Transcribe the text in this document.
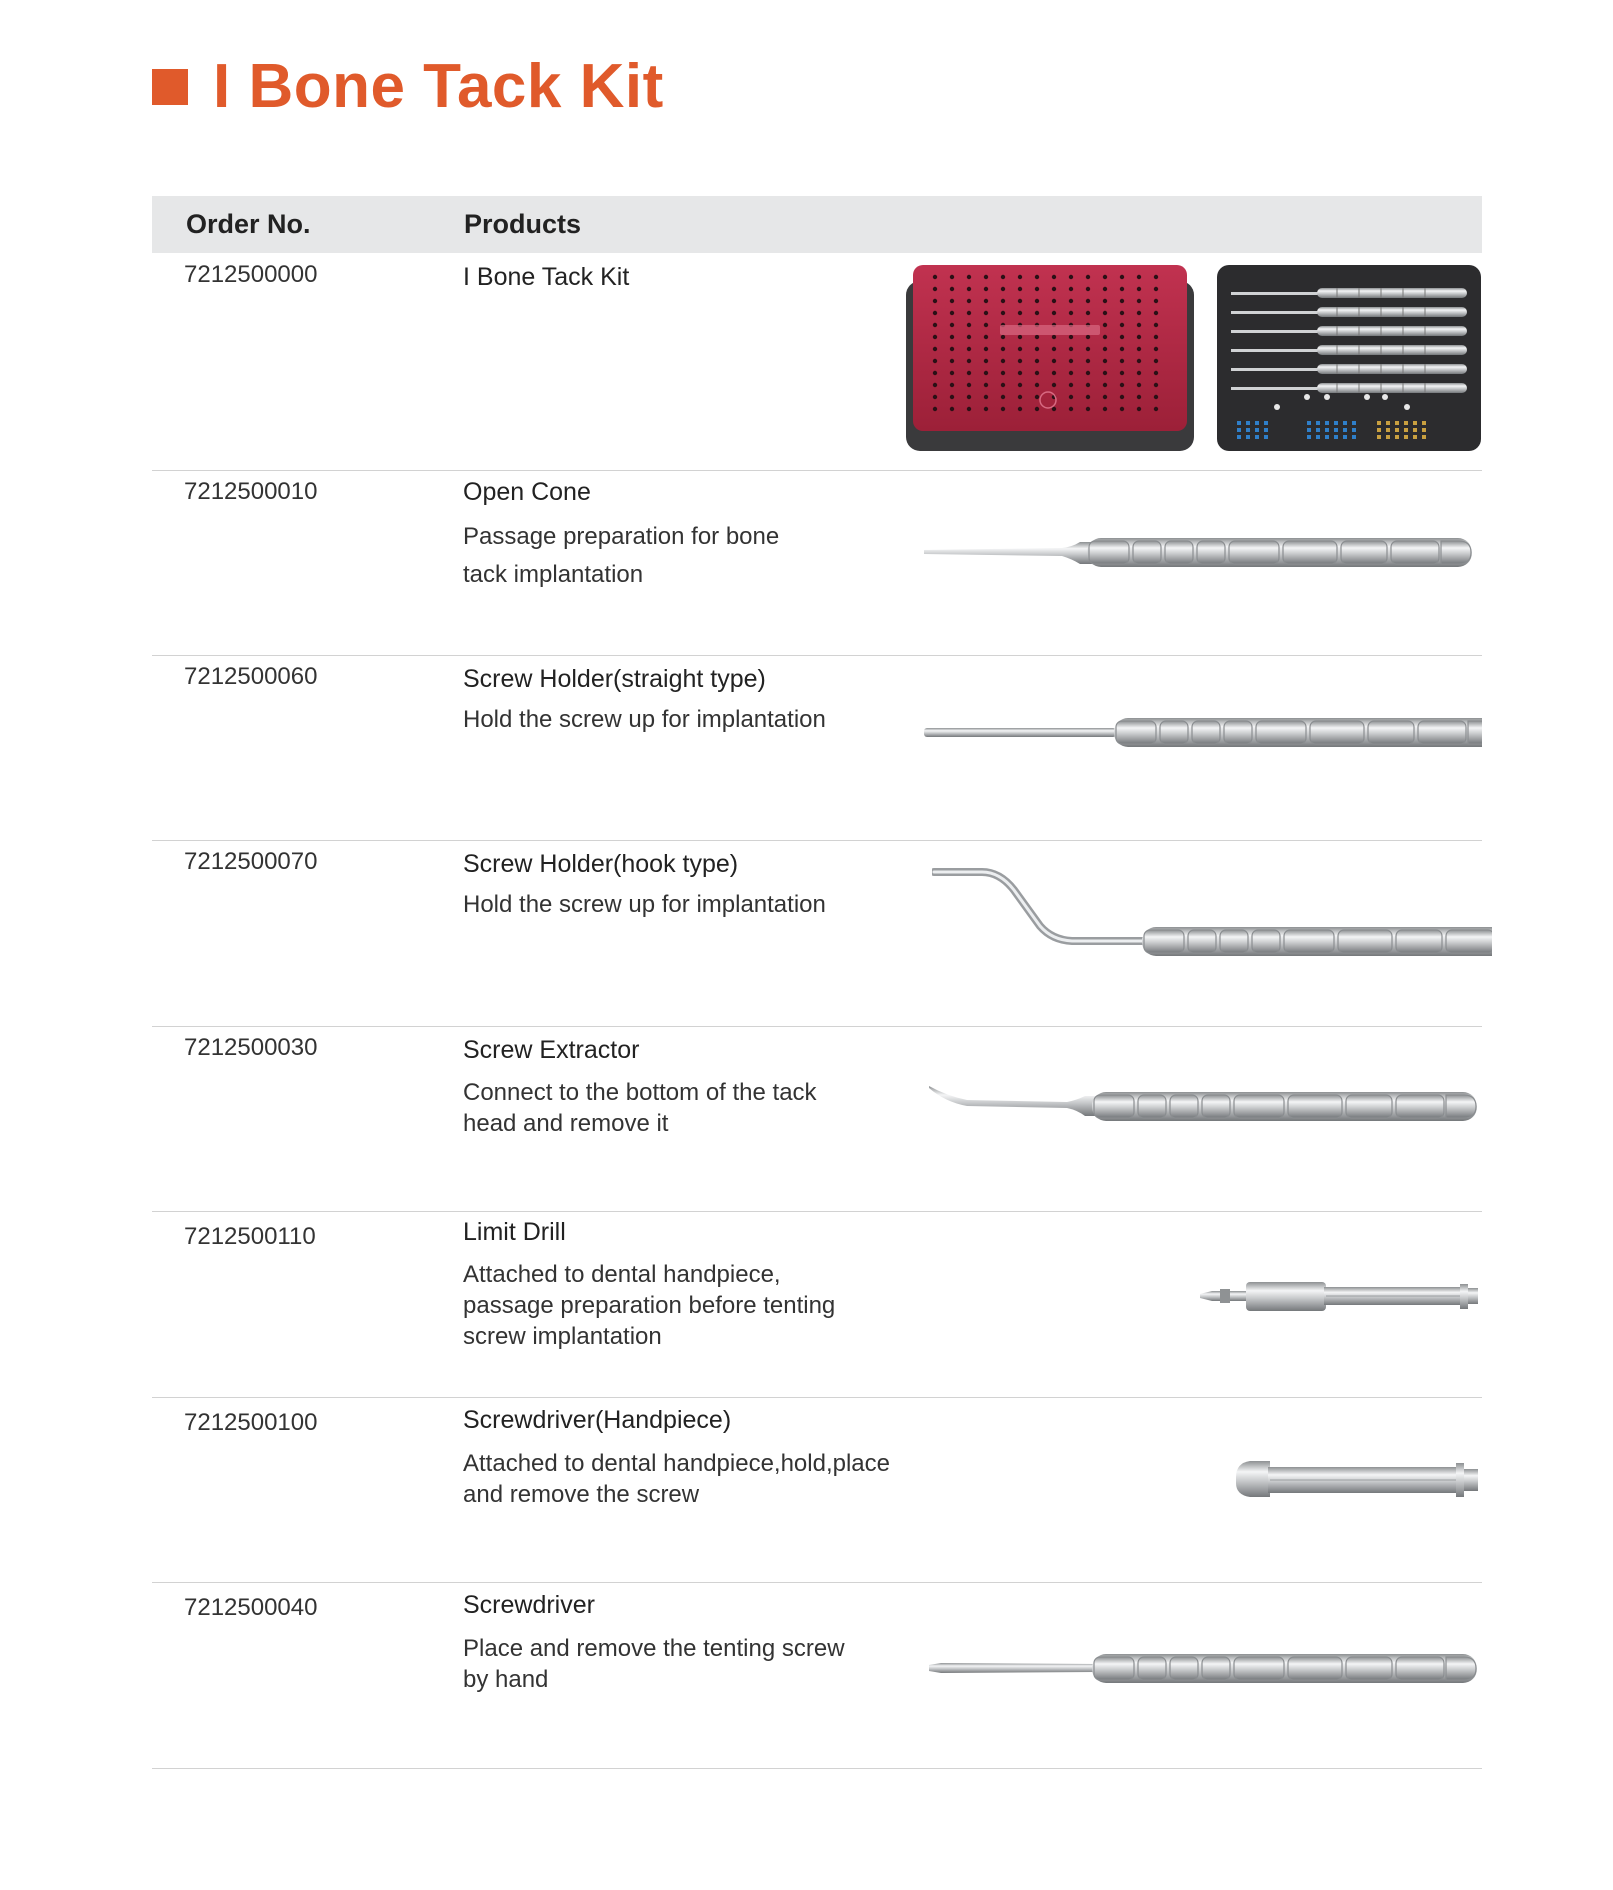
I Bone Tack Kit
Order No.	Products
7212500000	I Bone Tack Kit
7212500010	Open Cone
Passage preparation for bone
tack implantation
7212500060	Screw Holder(straight type)
Hold the screw up for implantation
7212500070	Screw Holder(hook type)
Hold the screw up for implantation
7212500030	Screw Extractor
Connect to the bottom of the tack
head and remove it
7212500110	Limit Drill
Attached to dental handpiece,
passage preparation before tenting
screw implantation
7212500100	Screwdriver(Handpiece)
Attached to dental handpiece,hold,place
and remove the screw
7212500040	Screwdriver
Place and remove the tenting screw
by hand
